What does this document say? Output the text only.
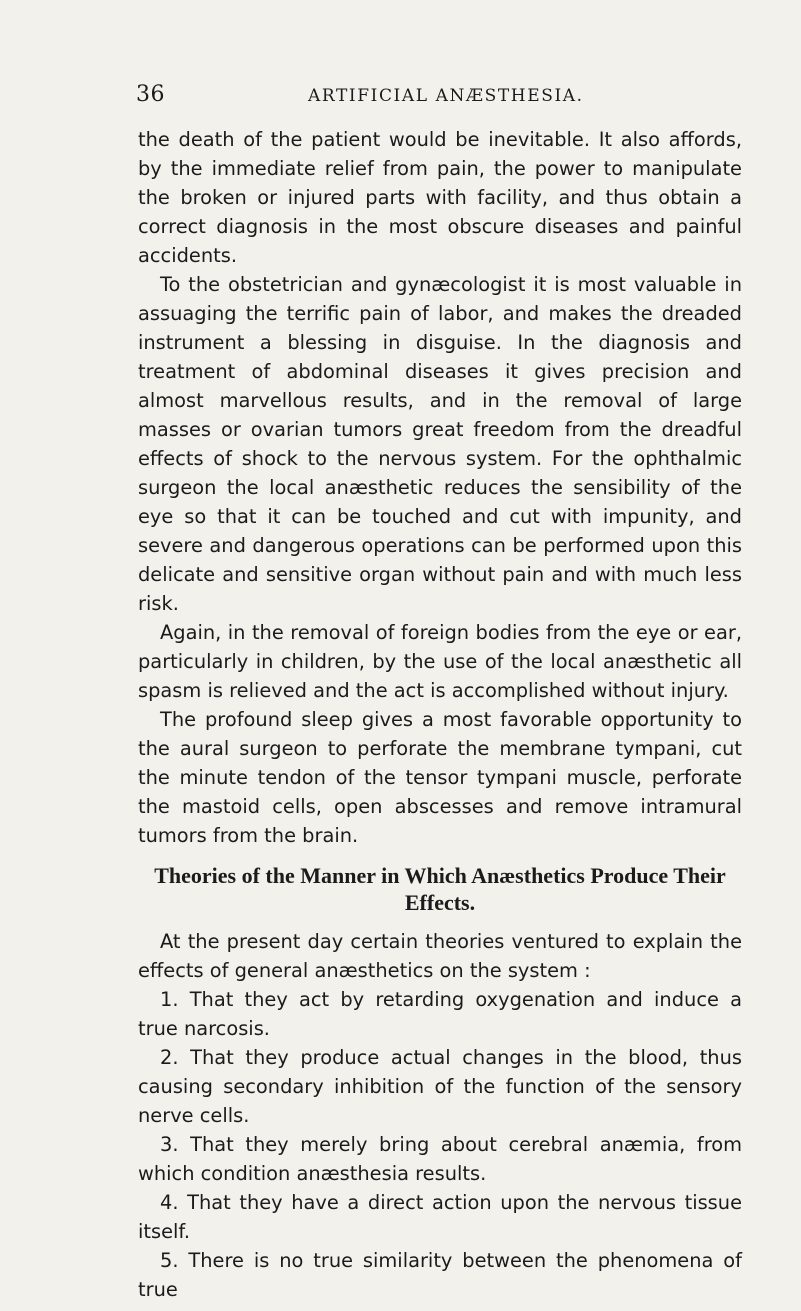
36	ARTIFICIAL ANÆSTHESIA.

the death of the patient would be inevitable. It also affords, by the immediate relief from pain, the power to manipulate the broken or injured parts with facility, and thus obtain a correct diagnosis in the most obscure diseases and painful accidents.

To the obstetrician and gynæcologist it is most valuable in assuaging the terrific pain of labor, and makes the dreaded instrument a blessing in disguise. In the diagnosis and treatment of abdominal diseases it gives precision and almost marvellous results, and in the removal of large masses or ovarian tumors great freedom from the dreadful effects of shock to the nervous system. For the ophthalmic surgeon the local anæsthetic reduces the sensibility of the eye so that it can be touched and cut with impunity, and severe and dangerous operations can be performed upon this delicate and sensitive organ without pain and with much less risk.

Again, in the removal of foreign bodies from the eye or ear, particularly in children, by the use of the local anæsthetic all spasm is relieved and the act is accomplished without injury.

The profound sleep gives a most favorable opportunity to the aural surgeon to perforate the membrane tympani, cut the minute tendon of the tensor tympani muscle, perforate the mastoid cells, open abscesses and remove intramural tumors from the brain.

Theories of the Manner in Which Anæsthetics Produce Their Effects.

At the present day certain theories ventured to explain the effects of general anæsthetics on the system :

1. That they act by retarding oxygenation and induce a true narcosis.

2. That they produce actual changes in the blood, thus causing secondary inhibition of the function of the sensory nerve cells.

3. That they merely bring about cerebral anæmia, from which condition anæsthesia results.

4. That they have a direct action upon the nervous tissue itself.

5. There is no true similarity between the phenomena of true
